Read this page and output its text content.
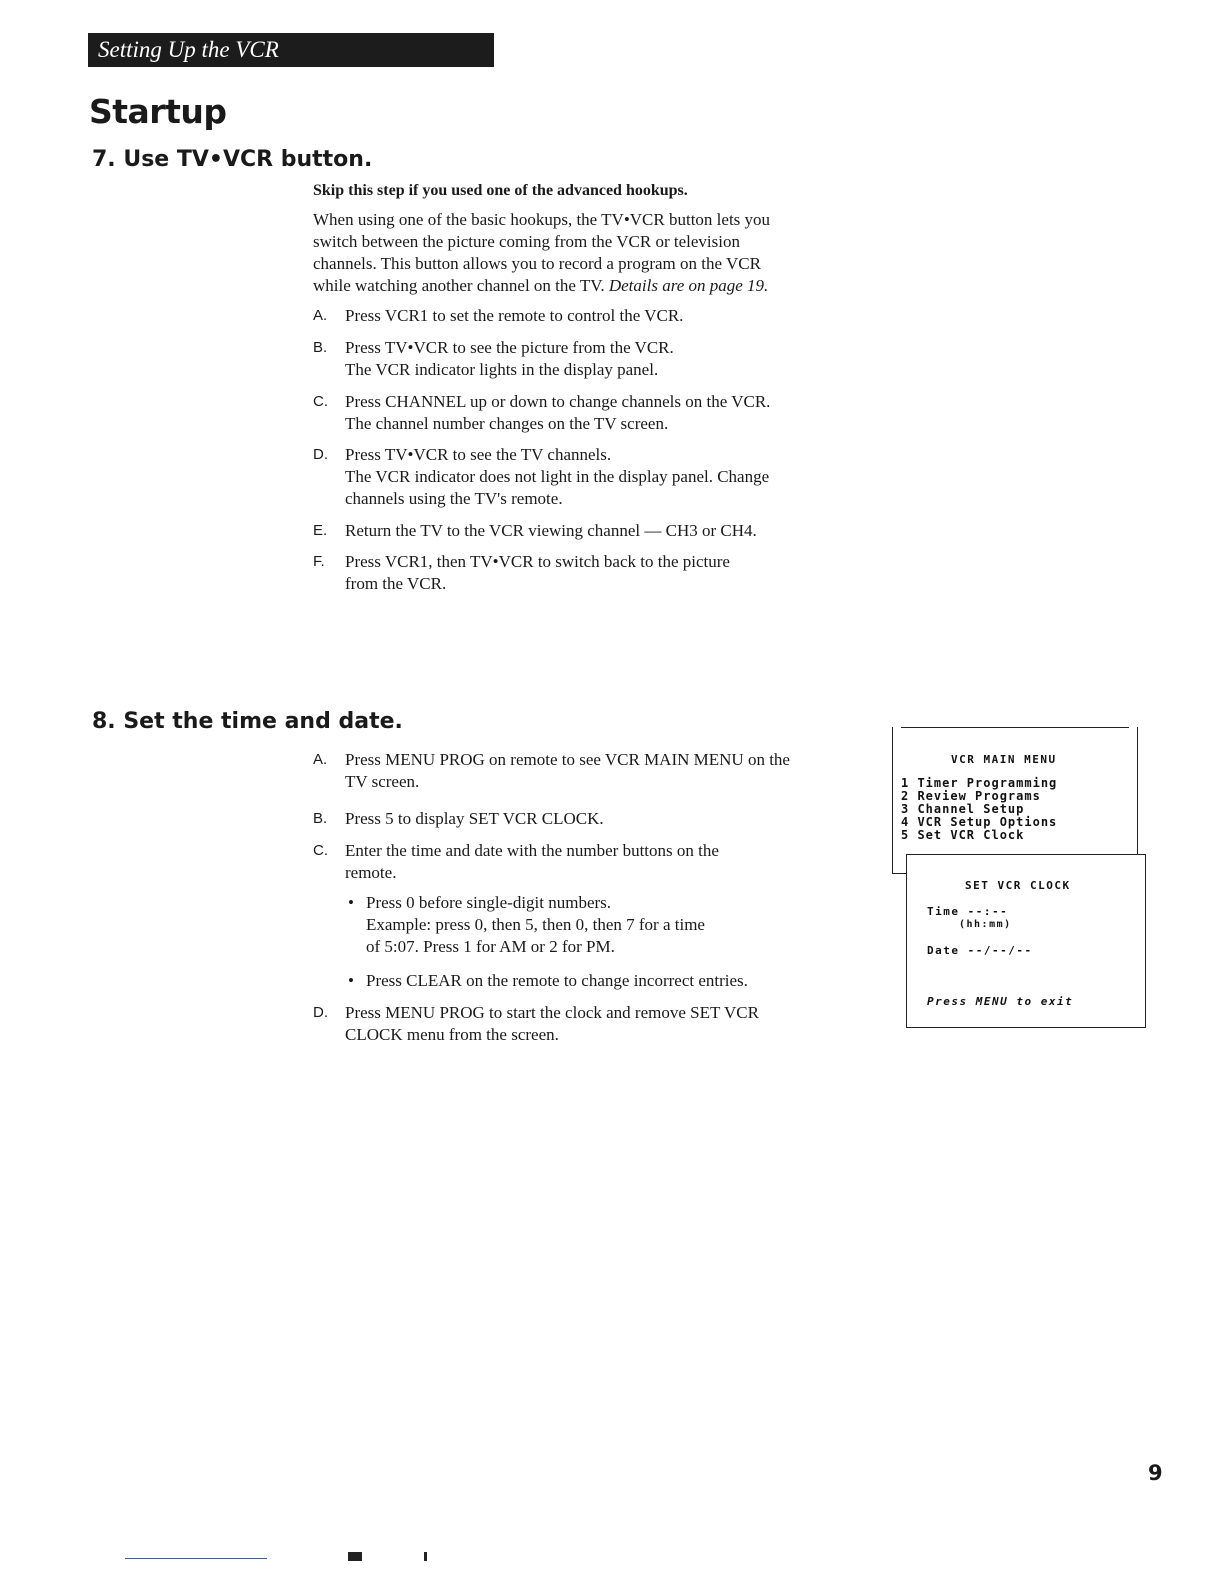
Setting Up the VCR
Startup
7. Use TV•VCR button.
Skip this step if you used one of the advanced hookups.
When using one of the basic hookups, the TV•VCR button lets you
switch between the picture coming from the VCR or television
channels. This button allows you to record a program on the VCR
while watching another channel on the TV. Details are on page 19.
A. Press VCR1 to set the remote to control the VCR.
B. Press TV•VCR to see the picture from the VCR.
The VCR indicator lights in the display panel.
C. Press CHANNEL up or down to change channels on the VCR.
The channel number changes on the TV screen.
D. Press TV•VCR to see the TV channels.
The VCR indicator does not light in the display panel. Change
channels using the TV's remote.
E. Return the TV to the VCR viewing channel — CH3 or CH4.
F. Press VCR1, then TV•VCR to switch back to the picture
from the VCR.
8. Set the time and date.
A. Press MENU PROG on remote to see VCR MAIN MENU on the
TV screen.
B. Press 5 to display SET VCR CLOCK.
C. Enter the time and date with the number buttons on the
remote.
• Press 0 before single-digit numbers.
Example: press 0, then 5, then 0, then 7 for a time
of 5:07. Press 1 for AM or 2 for PM.
• Press CLEAR on the remote to change incorrect entries.
D. Press MENU PROG to start the clock and remove SET VCR
CLOCK menu from the screen.
VCR MAIN MENU
1 Timer Programming
2 Review Programs
3 Channel Setup
4 VCR Setup Options
5 Set VCR Clock
SET VCR CLOCK
Time --:--
(hh:mm)
Date --/--/--
Press MENU to exit
9
